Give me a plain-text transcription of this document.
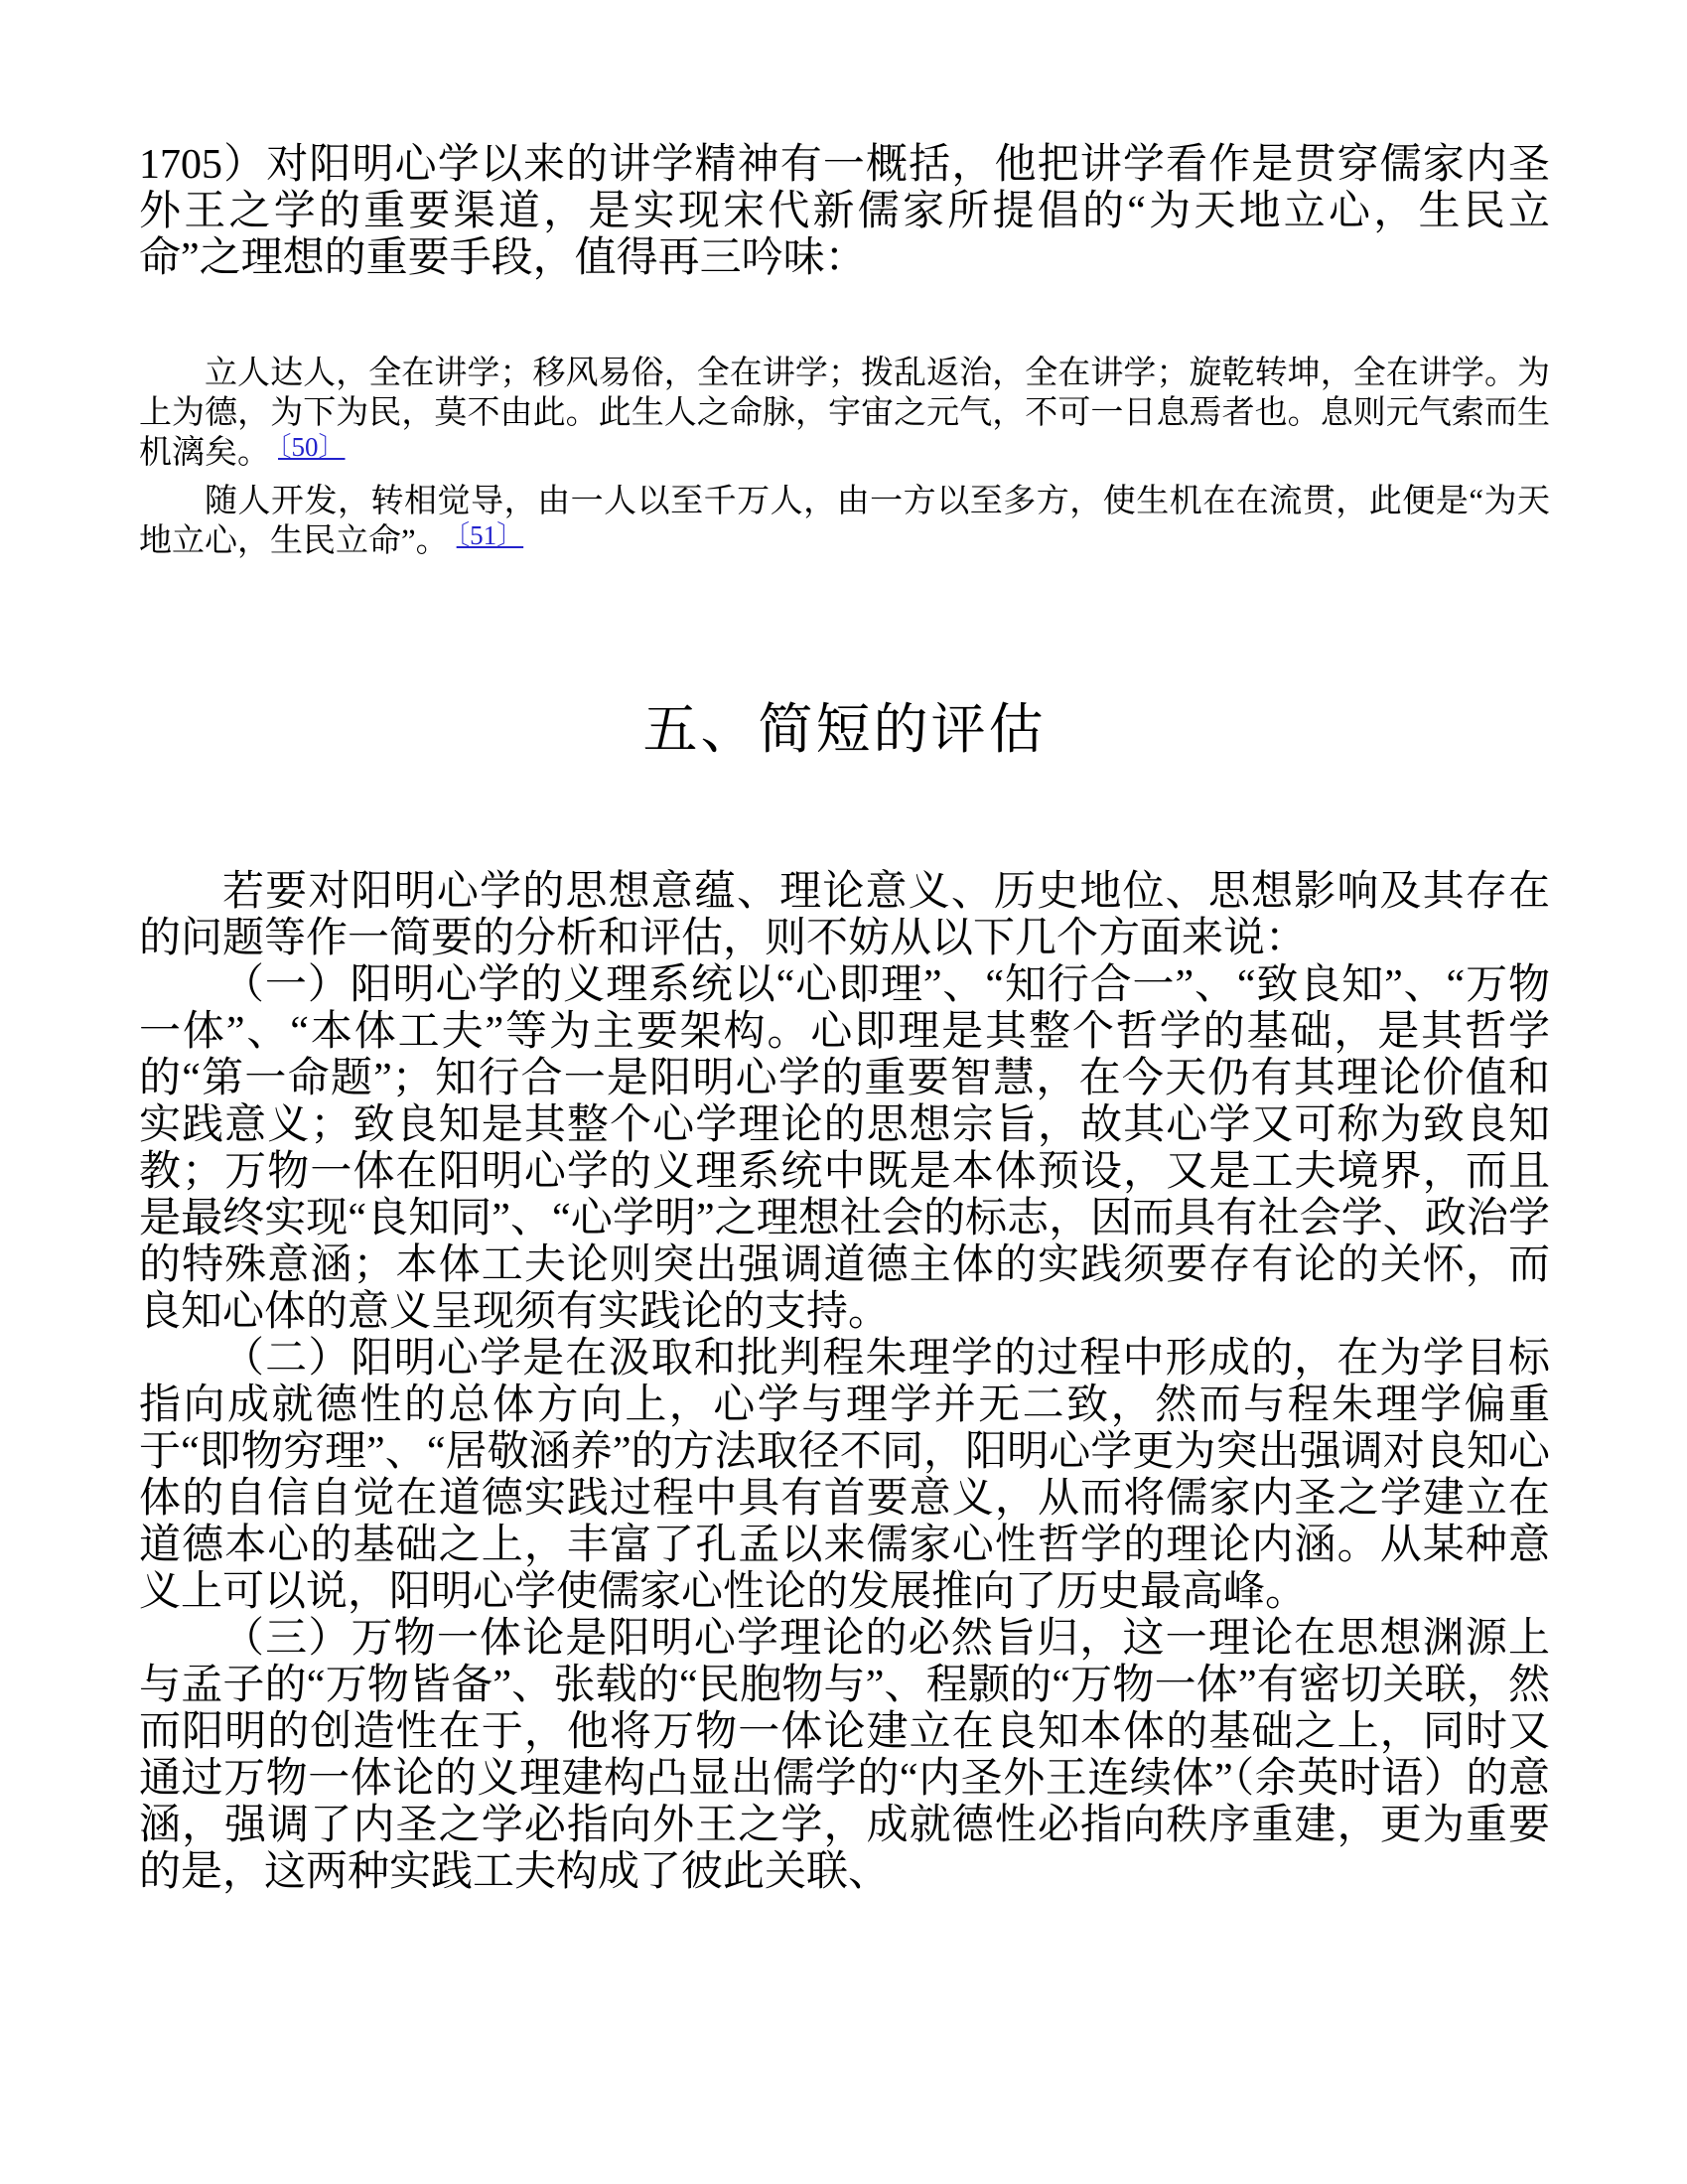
1705）对阳明心学以来的讲学精神有一概括，他把讲学看作是贯穿儒家内圣外王之学的重要渠道，是实现宋代新儒家所提倡的“为天地立心，生民立命”之理想的重要手段，值得再三吟味：

立人达人，全在讲学；移风易俗，全在讲学；拨乱返治，全在讲学；旋乾转坤，全在讲学。为上为德，为下为民，莫不由此。此生人之命脉，宇宙之元气，不可一日息焉者也。息则元气索而生机漓矣。 $^{〔50〕}$
随人开发，转相觉导，由一人以至千万人，由一方以至多方，使生机在在流贯，此便是“为天地立心，生民立命”。 $^{〔51〕}$
五、简短的评估

若要对阳明心学的思想意蕴、理论意义、历史地位、思想影响及其存在的问题等作一简要的分析和评估，则不妨从以下几个方面来说：

（一）阳明心学的义理系统以“心即理”、“知行合一”、“致良知”、“万物一体”、“本体工夫”等为主要架构。心即理是其整个哲学的基础，是其哲学的“第一命题”；知行合一是阳明心学的重要智慧，在今天仍有其理论价值和实践意义；致良知是其整个心学理论的思想宗旨，故其心学又可称为致良知教；万物一体在阳明心学的义理系统中既是本体预设，又是工夫境界，而且是最终实现“良知同”、“心学明”之理想社会的标志，因而具有社会学、政治学的特殊意涵；本体工夫论则突出强调道德主体的实践须要存有论的关怀，而良知心体的意义呈现须有实践论的支持。

（二）阳明心学是在汲取和批判程朱理学的过程中形成的，在为学目标指向成就德性的总体方向上，心学与理学并无二致，然而与程朱理学偏重于“即物穷理”、“居敬涵养”的方法取径不同，阳明心学更为突出强调对良知心体的自信自觉在道德实践过程中具有首要意义，从而将儒家内圣之学建立在道德本心的基础之上，丰富了孔孟以来儒家心性哲学的理论内涵。从某种意义上可以说，阳明心学使儒家心性论的发展推向了历史最高峰。

（三）万物一体论是阳明心学理论的必然旨归，这一理论在思想渊源上与孟子的“万物皆备”、张载的“民胞物与”、程颢的“万物一体”有密切关联，然而阳明的创造性在于，他将万物一体论建立在良知本体的基础之上，同时又通过万物一体论的义理建构凸显出儒学的“内圣外王连续体”（余英时语）的意涵，强调了内圣之学必指向外王之学，成就德性必指向秩序重建，更为重要的是，这两种实践工夫构成了彼此关联、
